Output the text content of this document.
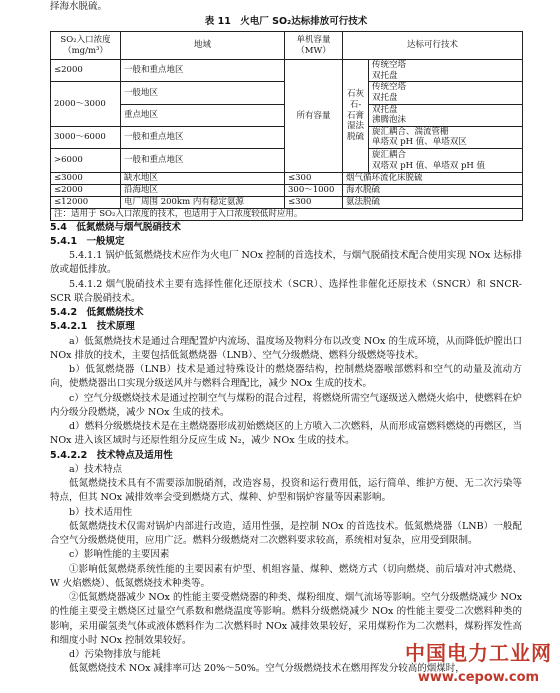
择海水脱硫。

表 11　火电厂 SO₂达标排放可行技术
SO₂入口浓度（mg/m³）	地域	单机容量（MW）	达标可行技术	
≤2000	一般和重点地区	所有容量	石灰石-石膏湿法脱硫	传统空塔
双托盘
2000～3000	一般地区			传统空塔
双托盘
	重点地区			双托盘
沸腾泡沫
3000～6000	一般和重点地区			旋汇耦合、湍流管栅
单塔双 pH 值、单塔双区
>6000	一般和重点地区			旋汇耦合
双塔双 pH 值、单塔双 pH 值

≤3000	缺水地区	≤300	烟气循环流化床脱硫	
≤2000	沿海地区	300～1000	海水脱硫	
≤12000	电厂周围 200km 内有稳定氨源	≤300	氨法脱硫	
注：适用于 SO₂入口浓度的技术，也适用于入口浓度较低时应用。				

5.4　低氮燃烧与烟气脱硝技术

5.4.1　一般规定

5.4.1.1 锅炉低氮燃烧技术应作为火电厂 NOx 控制的首选技术，与烟气脱硝技术配合使用实现 NOx 达标排放或超低排放。

5.4.1.2 烟气脱硝技术主要有选择性催化还原技术（SCR）、选择性非催化还原技术（SNCR）和 SNCR-SCR 联合脱硝技术。

5.4.2　低氮燃烧技术

5.4.2.1　技术原理

a）低氮燃烧技术是通过合理配置炉内流场、温度场及物料分布以改变 NOx 的生成环境，从而降低炉膛出口 NOx 排放的技术，主要包括低氮燃烧器（LNB）、空气分级燃烧、燃料分级燃烧等技术。

b）低氮燃烧器（LNB）技术是通过特殊设计的燃烧器结构，控制燃烧器喉部燃料和空气的动量及流动方向，使燃烧器出口实现分级送风并与燃料合理配比，减少 NOx 生成的技术。

c）空气分级燃烧技术是通过控制空气与煤粉的混合过程，将燃烧所需空气逐级送入燃烧火焰中，使燃料在炉内分级分段燃烧，减少 NOx 生成的技术。

d）燃料分级燃烧技术是在主燃烧器形成初始燃烧区的上方喷入二次燃料，从而形成富燃料燃烧的再燃区，当 NOx 进入该区域时与还原性组分反应生成 N₂，减少 NOx 生成的技术。

5.4.2.2　技术特点及适用性

a）技术特点

低氮燃烧技术具有不需要添加脱硝剂，改造容易，投资和运行费用低，运行简单、维护方便、无二次污染等特点，但其 NOx 减排效率会受到燃烧方式、煤种、炉型和锅炉容量等因素影响。

b）技术适用性

低氮燃烧技术仅需对锅炉内部进行改造，适用性强，是控制 NOx 的首选技术。低氮燃烧器（LNB）一般配合空气分级燃烧使用，应用广泛。燃料分级燃烧对二次燃料要求较高，系统相对复杂，应用受到限制。

c）影响性能的主要因素

①影响低氮燃烧系统性能的主要因素有炉型、机组容量、煤种、燃烧方式（切向燃烧、前后墙对冲式燃烧、W 火焰燃烧）、低氮燃烧技术种类等。

②低氮燃烧器减少 NOx 的性能主要受燃烧器的种类、煤粉细度、烟气流场等影响。空气分级燃烧减少 NOx 的性能主要受主燃烧区过量空气系数和燃烧温度等影响。燃料分级燃烧减少 NOx 的性能主要受二次燃料种类的影响，采用碳氢类气体或液体燃料作为二次燃料时 NOx 减排效果较好，采用煤粉作为二次燃料，煤粉挥发性高和细度小时 NOx 控制效果较好。

d）污染物排放与能耗

低氮燃烧技术 NOx 减排率可达 20%～50%。空气分级燃烧技术在燃用挥发分较高的烟煤时，

中国电力工业网
www.cepow.com
